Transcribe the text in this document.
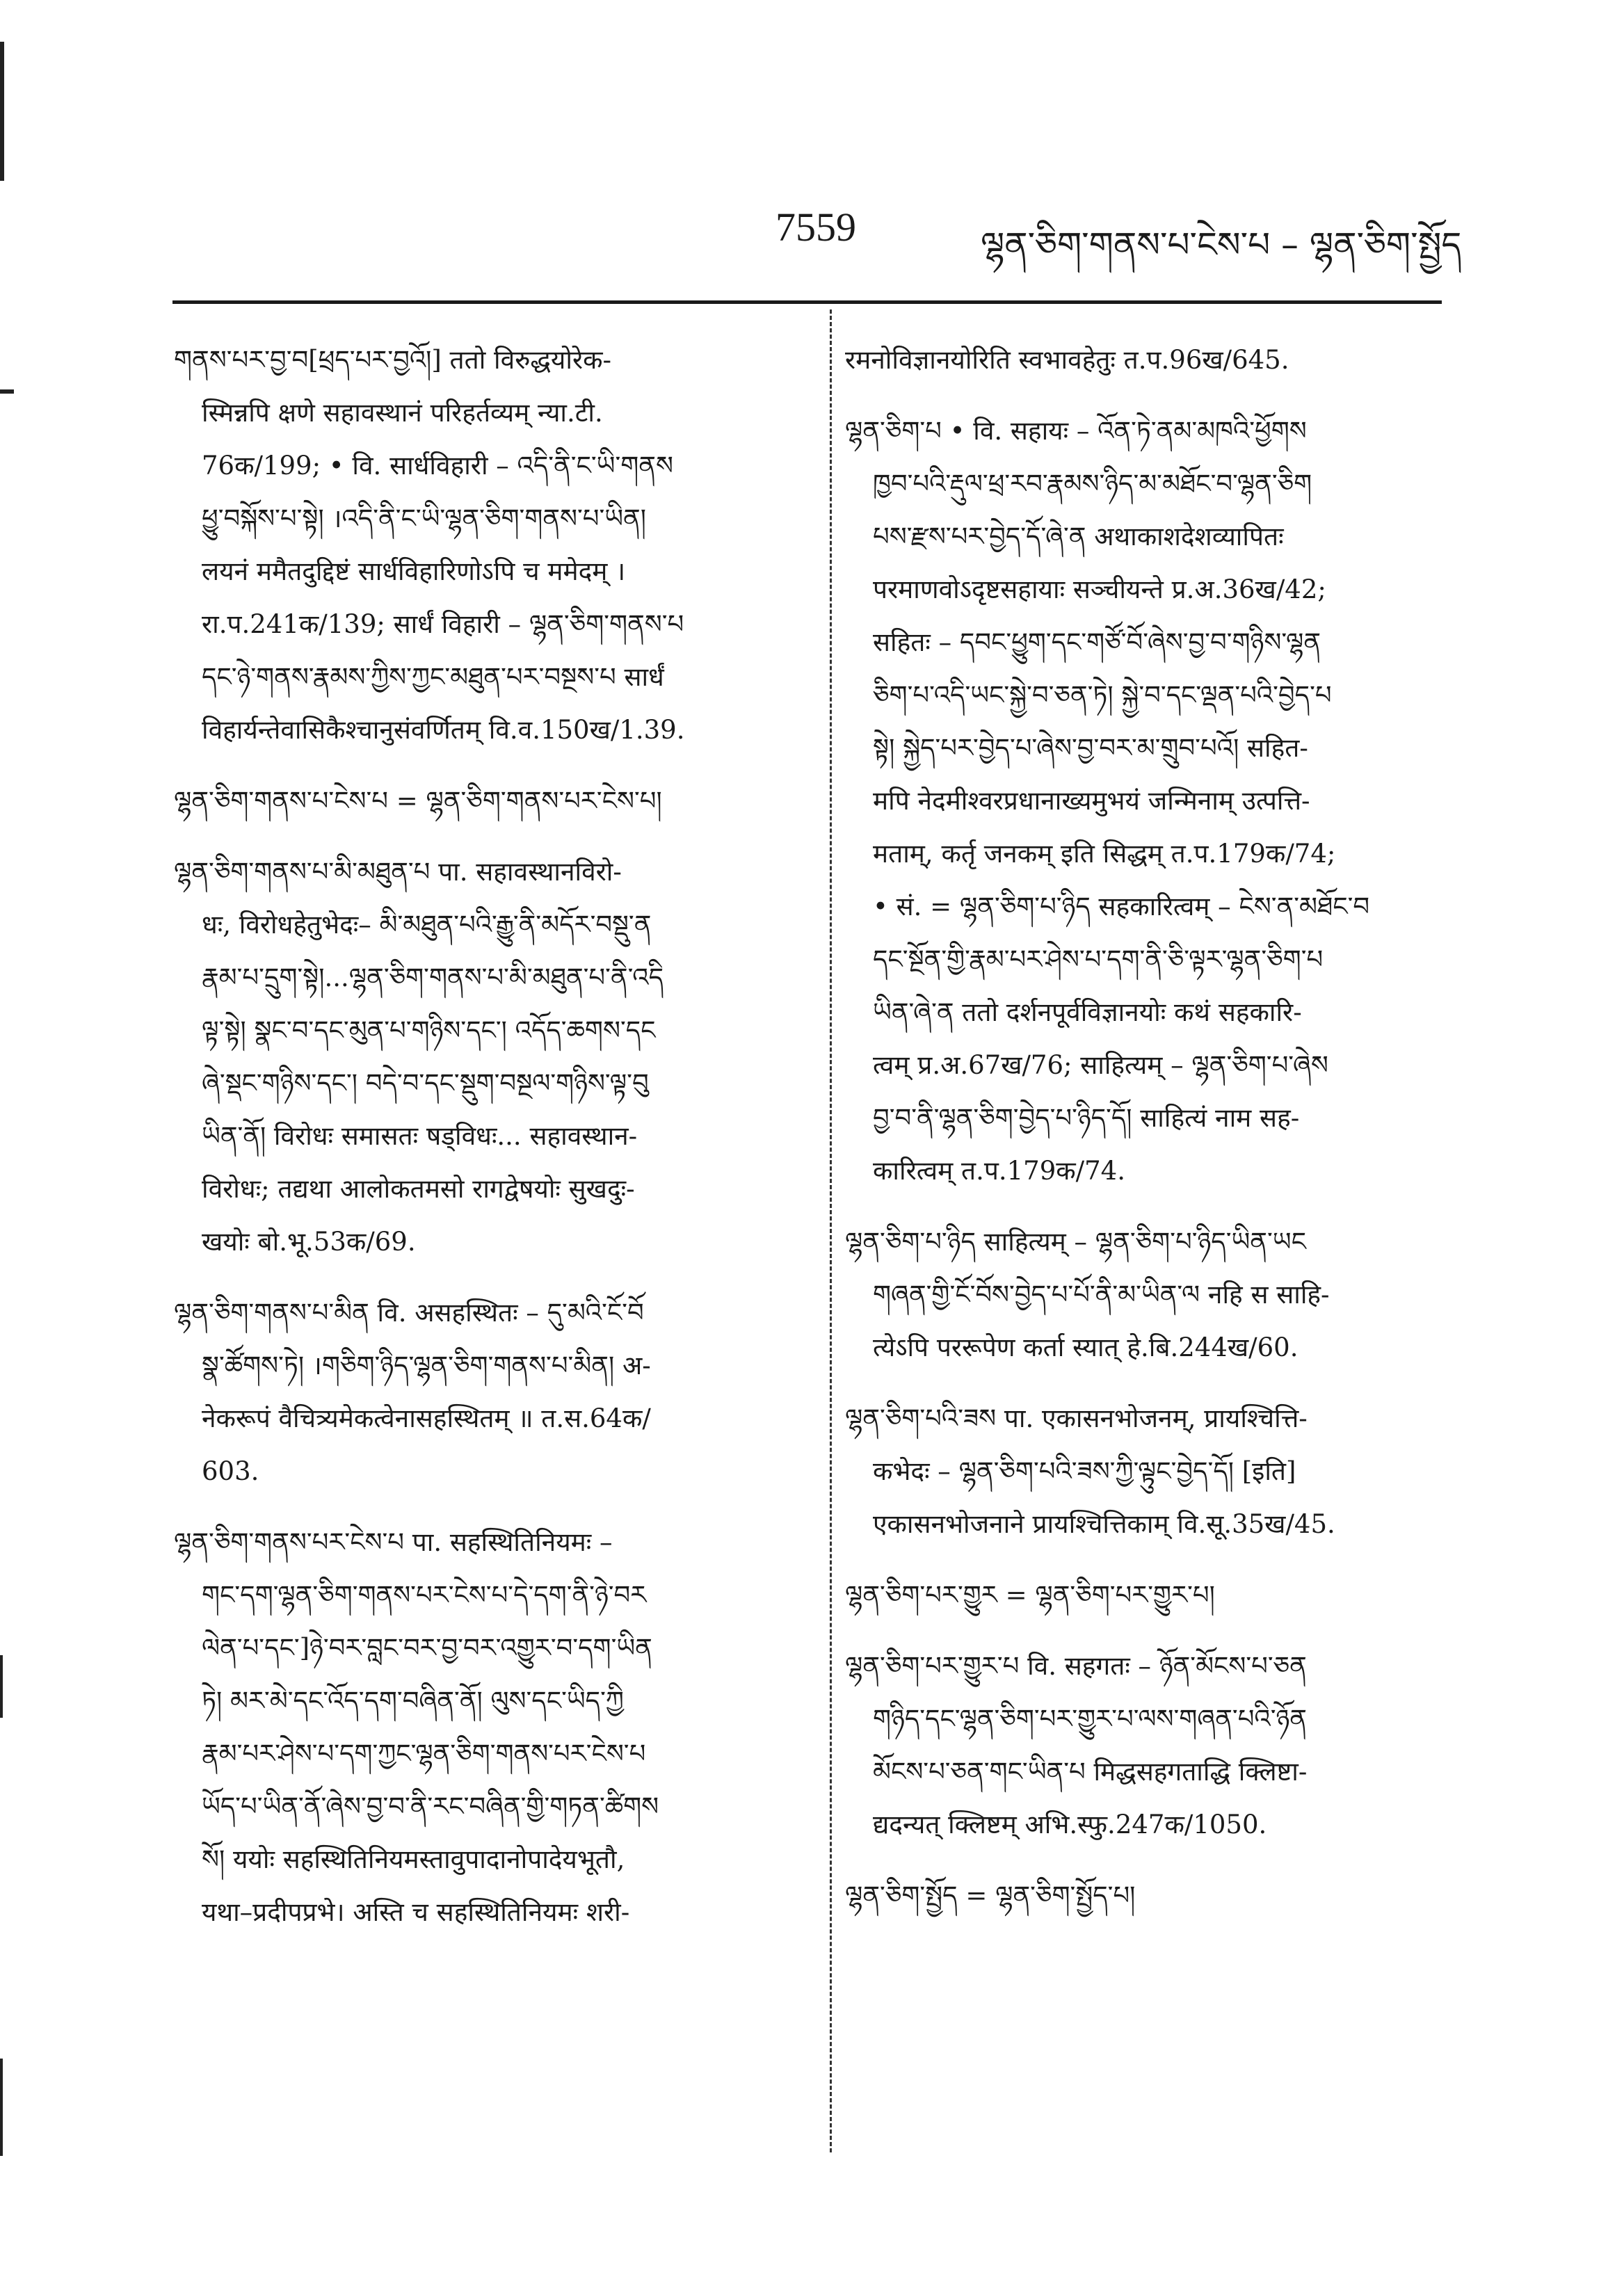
7559	ལྷན་ཅིག་གནས་པ་ངེས་པ – ལྷན་ཅིག་སྤྱོད
གནས་པར་བྱ་བ[ཕྲད་པར་བྱའོ།] ततो विरुद्धयोरेक-
स्मिन्नपि क्षणे सहावस्थानं परिहर्तव्यम् न्या.टी.
76क/199; • वि. सार्धविहारी – འདི་ནི་ང་ཡི་གནས
ཕྱུ་བསྐོས་པ་སྟེ། ।འདི་ནི་ང་ཡི་ལྷན་ཅིག་གནས་པ་ཡིན།
लयनं ममैतदुद्दिष्टं सार्धविहारिणोऽपि च ममेदम् ।
रा.प.241क/139; सार्धं विहारी – ལྷན་ཅིག་གནས་པ
དང་ཉེ་གནས་རྣམས་ཀྱིས་ཀྱང་མཐུན་པར་བསྔས་པ सार्धं
विहार्यन्तेवासिकैश्चानुसंवर्णितम् वि.व.150ख/1.39.
ལྷན་ཅིག་གནས་པ་ངེས་པ = ལྷན་ཅིག་གནས་པར་ངེས་པ།
ལྷན་ཅིག་གནས་པ་མི་མཐུན་པ पा. सहावस्थानविरो-
धः, विरोधहेतुभेदः– མི་མཐུན་པའི་རྒྱུ་ནི་མདོར་བསྡུ་ན
རྣམ་པ་དྲུག་སྟེ།...ལྷན་ཅིག་གནས་པ་མི་མཐུན་པ་ནི་འདི
ལྟ་སྟེ། སྣང་བ་དང་མུན་པ་གཉིས་དང་། འདོད་ཆགས་དང
ཞེ་སྡང་གཉིས་དང་། བདེ་བ་དང་སྡུག་བསྔལ་གཉིས་ལྟ་བུ
ཡིན་ནོ། विरोधः समासतः षड्विधः... सहावस्थान-
विरोधः; तद्यथा आलोकतमसो रागद्वेषयोः सुखदुः-
खयोः बो.भू.53क/69.
ལྷན་ཅིག་གནས་པ་མིན वि. असहस्थितः – དུ་མའི་ངོ་བོ
སྣ་ཚོགས་ཏེ། ।གཅིག་ཉིད་ལྷན་ཅིག་གནས་པ་མིན། अ-
नेकरूपं वैचित्र्यमेकत्वेनासहस्थितम् ॥ त.स.64क/
603.
ལྷན་ཅིག་གནས་པར་ངེས་པ पा. सहस्थितिनियमः –
གང་དག་ལྷན་ཅིག་གནས་པར་ངེས་པ་དེ་དག་ནི་ཉེ་བར
ལེན་པ་དང་]ཉེ་བར་བླང་བར་བྱ་བར་འགྱུར་བ་དག་ཡིན
ཏེ། མར་མེ་དང་འོད་དག་བཞིན་ནོ། ལུས་དང་ཡིད་ཀྱི
རྣམ་པར་ཤེས་པ་དག་ཀྱང་ལྷན་ཅིག་གནས་པར་ངེས་པ
ཡོད་པ་ཡིན་ནོ་ཞེས་བྱ་བ་ནི་རང་བཞིན་གྱི་གཏན་ཚིགས
སོ། ययोः सहस्थितिनियमस्तावुपादानोपादेयभूतौ,
यथा–प्रदीपप्रभे। अस्ति च सहस्थितिनियमः शरी-
रमनोविज्ञानयोरिति स्वभावहेतुः त.प.96ख/645.
ལྷན་ཅིག་པ • वि. सहायः – འོན་ཏེ་ནམ་མཁའི་ཕྱོགས
ཁྱབ་པའི་རྡུལ་ཕྲ་རབ་རྣམས་ཉིད་མ་མཐོང་བ་ལྷན་ཅིག
པས་རྫས་པར་བྱེད་དོ་ཞེ་ན अथाकाशदेशव्यापितः
परमाणवोऽदृष्टसहायाः सञ्चीयन्ते प्र.अ.36ख/42;
सहितः – དབང་ཕྱུག་དང་གཙོ་བོ་ཞེས་བྱ་བ་གཉིས་ལྷན
ཅིག་པ་འདི་ཡང་སྐྱེ་བ་ཅན་ཏེ། སྐྱེ་བ་དང་ལྡན་པའི་བྱེད་པ
སྟེ། སྐྱེད་པར་བྱེད་པ་ཞེས་བྱ་བར་མ་གྲུབ་པའོ། सहित-
मपि नेदमीश्वरप्रधानाख्यमुभयं जन्मिनाम् उत्पत्ति-
मताम्, कर्तृ जनकम् इति सिद्धम् त.प.179क/74;
• सं. = ལྷན་ཅིག་པ་ཉིད सहकारित्वम् – ངེས་ན་མཐོང་བ
དང་སྔོན་གྱི་རྣམ་པར་ཤེས་པ་དག་ནི་ཅི་ལྟར་ལྷན་ཅིག་པ
ཡིན་ཞེ་ན ततो दर्शनपूर्वविज्ञानयोः कथं सहकारि-
त्वम् प्र.अ.67ख/76; साहित्यम् – ལྷན་ཅིག་པ་ཞེས
བྱ་བ་ནི་ལྷན་ཅིག་བྱེད་པ་ཉིད་དོ། साहित्यं नाम सह-
कारित्वम् त.प.179क/74.
ལྷན་ཅིག་པ་ཉིད साहित्यम् – ལྷན་ཅིག་པ་ཉིད་ཡིན་ཡང
གཞན་གྱི་ངོ་བོས་བྱེད་པ་པོ་ནི་མ་ཡིན་ལ नहि स साहि-
त्येऽपि पररूपेण कर्ता स्यात् हे.बि.244ख/60.
ལྷན་ཅིག་པའི་ཟས पा. एकासनभोजनम्, प्रायश्चित्ति-
कभेदः – ལྷན་ཅིག་པའི་ཟས་ཀྱི་ལྟུང་བྱེད་དོ། [इति]
एकासनभोजनाने प्रायश्चित्तिकाम् वि.सू.35ख/45.
ལྷན་ཅིག་པར་གྱུར = ལྷན་ཅིག་པར་གྱུར་པ།
ལྷན་ཅིག་པར་གྱུར་པ वि. सहगतः – ཉོན་མོངས་པ་ཅན
གཉིད་དང་ལྷན་ཅིག་པར་གྱུར་པ་ལས་གཞན་པའི་ཉོན
མོངས་པ་ཅན་གང་ཡིན་པ मिद्धसहगताद्धि क्लिष्टा-
द्यदन्यत् क्लिष्टम् अभि.स्फु.247क/1050.
ལྷན་ཅིག་སྤྱོད = ལྷན་ཅིག་སྤྱོད་པ།
